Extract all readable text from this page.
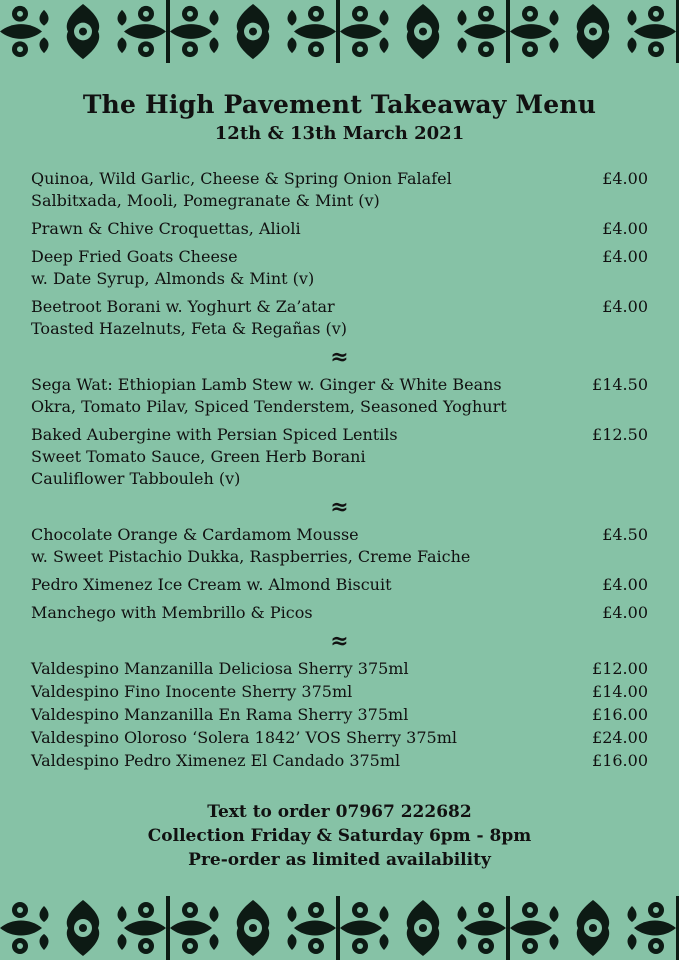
The High Pavement Takeaway Menu
12th & 13th March 2021
Quinoa, Wild Garlic, Cheese & Spring Onion Falafel
Salbitxada, Mooli, Pomegranate & Mint (v)
£4.00
Prawn & Chive Croquettas, Alioli	£4.00
Deep Fried Goats Cheese
w. Date Syrup, Almonds & Mint (v)
£4.00
Beetroot Borani w. Yoghurt & Za’atar
Toasted Hazelnuts, Feta & Regañas (v)
£4.00
≈
Sega Wat: Ethiopian Lamb Stew w. Ginger & White Beans
Okra, Tomato Pilav, Spiced Tenderstem, Seasoned Yoghurt
£14.50
Baked Aubergine with Persian Spiced Lentils
Sweet Tomato Sauce, Green Herb Borani
Cauliflower Tabbouleh (v)
£12.50
≈
Chocolate Orange & Cardamom Mousse
w. Sweet Pistachio Dukka, Raspberries, Creme Faiche
£4.50
Pedro Ximenez Ice Cream w. Almond Biscuit	£4.00
Manchego with Membrillo & Picos	£4.00
≈
Valdespino Manzanilla Deliciosa Sherry 375ml	£12.00
Valdespino Fino Inocente Sherry 375ml	£14.00
Valdespino Manzanilla En Rama Sherry 375ml	£16.00
Valdespino Oloroso ‘Solera 1842’ VOS Sherry 375ml	£24.00
Valdespino Pedro Ximenez El Candado 375ml	£16.00
Text to order 07967 222682
Collection Friday & Saturday 6pm - 8pm
Pre-order as limited availability
